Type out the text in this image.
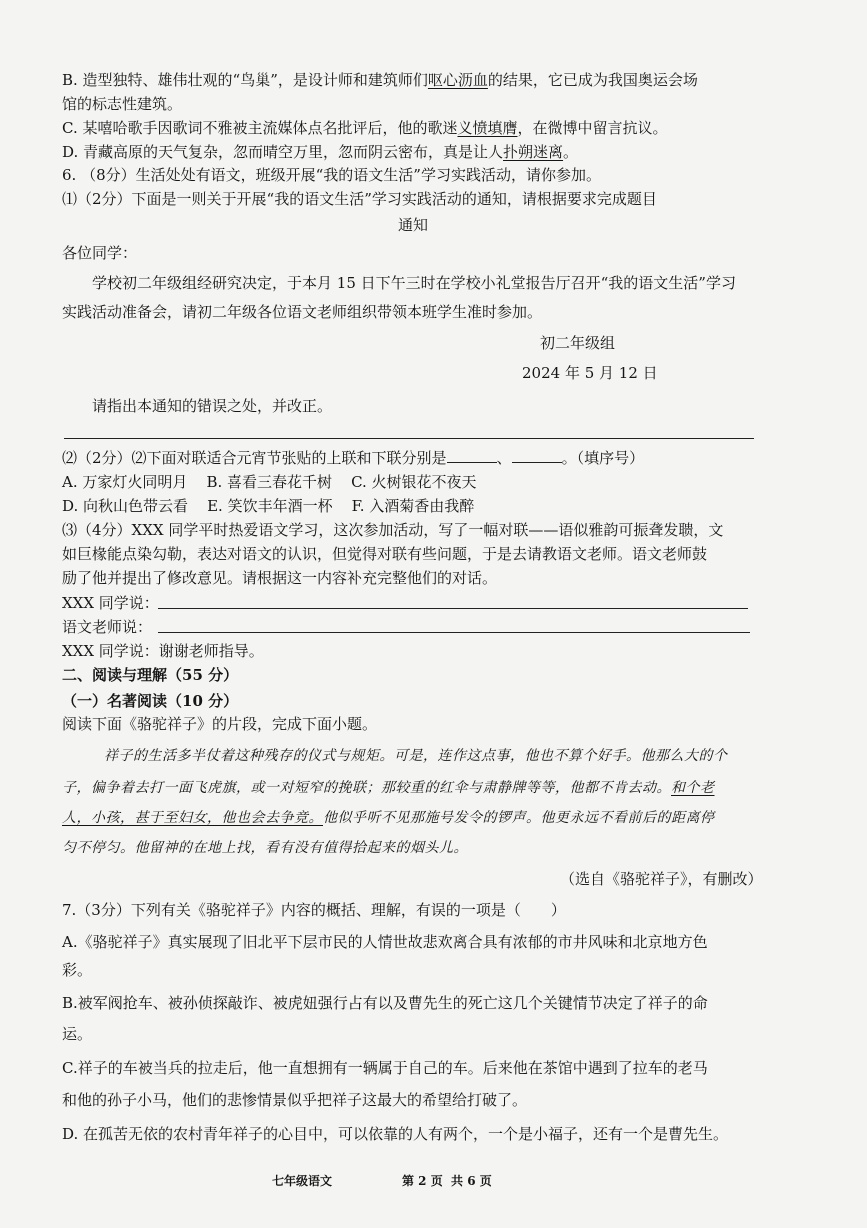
B. 造型独特、雄伟壮观的“鸟巢”，是设计师和建筑师们呕心沥血的结果，它已成为我国奥运会场
馆的标志性建筑。
C. 某嘻哈歌手因歌词不雅被主流媒体点名批评后，他的歌迷义愤填膺，在微博中留言抗议。
D. 青藏高原的天气复杂，忽而晴空万里，忽而阴云密布，真是让人扑朔迷离。
6. （8分）生活处处有语文，班级开展“我的语文生活”学习实践活动，请你参加。
⑴（2分）下面是一则关于开展“我的语文生活”学习实践活动的通知，请根据要求完成题目
通知
各位同学：
学校初二年级组经研究决定，于本月 15 日下午三时在学校小礼堂报告厅召开“我的语文生活”学习
实践活动准备会，请初二年级各位语文老师组织带领本班学生准时参加。
初二年级组
2024 年 5 月 12 日
请指出本通知的错误之处，并改正。
⑵（2分）⑵下面对联适合元宵节张贴的上联和下联分别是	、	。（填序号）
A. 万家灯火同明月    B. 喜看三春花千树    C. 火树银花不夜天
D. 向秋山色带云看    E. 笑饮丰年酒一杯    F. 入酒菊香由我醉
⑶（4分）XXX 同学平时热爱语文学习，这次参加活动，写了一幅对联——语似雅韵可振聋发聩，文
如巨椽能点染勾勒，表达对语文的认识，但觉得对联有些问题，于是去请教语文老师。语文老师鼓
励了他并提出了修改意见。请根据这一内容补充完整他们的对话。
XXX 同学说：
语文老师说：
XXX 同学说：谢谢老师指导。
二、阅读与理解（55 分）
（一）名著阅读（10 分）
阅读下面《骆驼祥子》的片段，完成下面小题。
祥子的生活多半仗着这种残存的仪式与规矩。可是，连作这点事，他也不算个好手。他那么大的个
子，偏争着去打一面飞虎旗，或一对短窄的挽联；那较重的红伞与肃静牌等等，他都不肯去动。和个老
人，小孩，甚于至妇女，他也会去争竞。他似乎听不见那施号发令的锣声。他更永远不看前后的距离停
匀不停匀。他留神的在地上找，看有没有值得拾起来的烟头儿。
（选自《骆驼祥子》，有删改）
7.（3分）下列有关《骆驼祥子》内容的概括、理解，有误的一项是（　　）
A.《骆驼祥子》真实展现了旧北平下层市民的人情世故悲欢离合具有浓郁的市井风味和北京地方色
彩。
B.被军阀抢车、被孙侦探敲诈、被虎妞强行占有以及曹先生的死亡这几个关键情节决定了祥子的命
运。
C.祥子的车被当兵的拉走后，他一直想拥有一辆属于自己的车。后来他在茶馆中遇到了拉车的老马
和他的孙子小马，他们的悲惨情景似乎把祥子这最大的希望给打破了。
D. 在孤苦无依的农村青年祥子的心目中，可以依靠的人有两个，一个是小福子，还有一个是曹先生。
七年级语文	第 2 页  共 6 页
